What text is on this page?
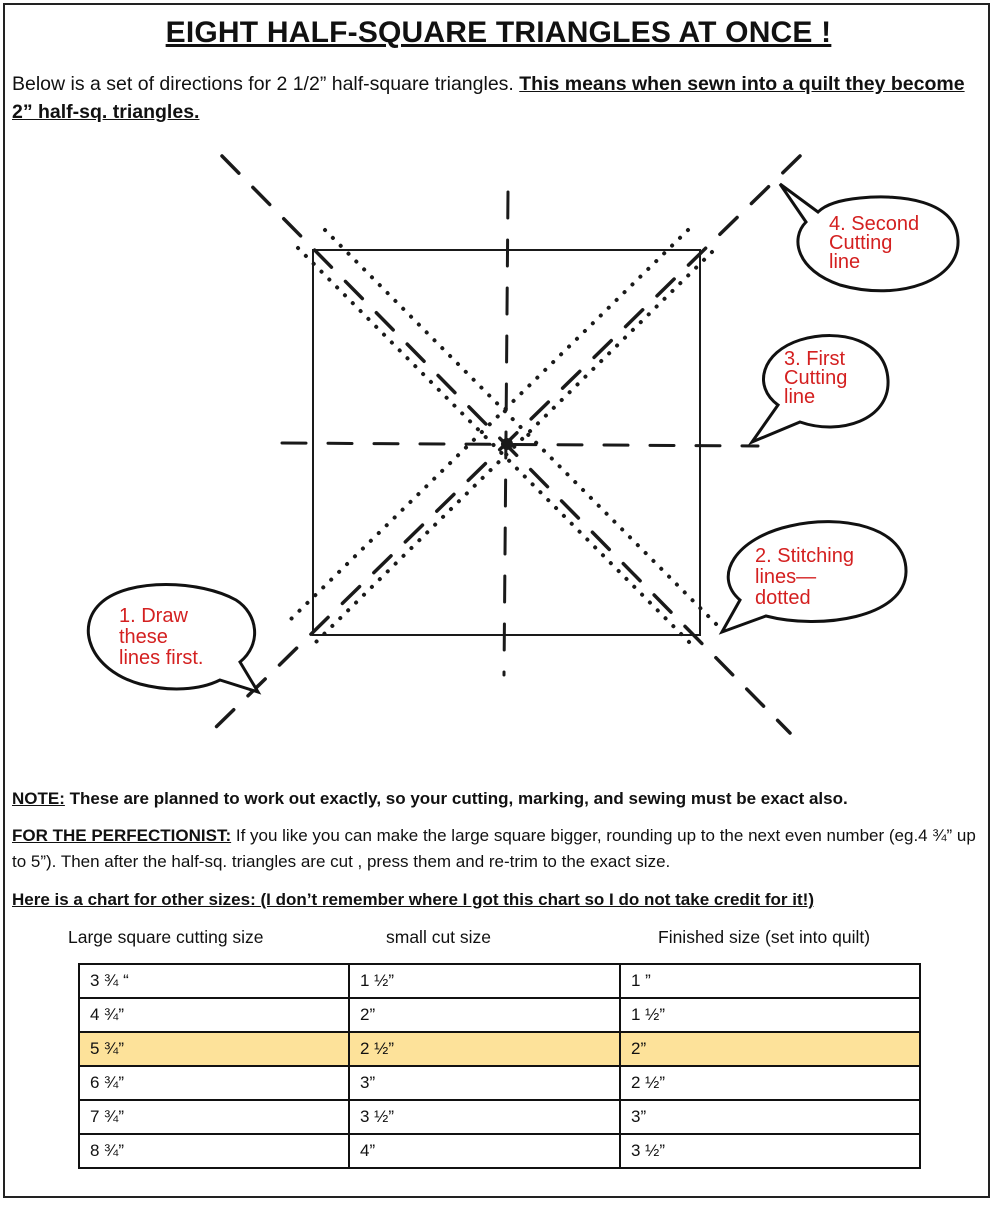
EIGHT HALF-SQUARE TRIANGLES AT ONCE !
Below is a set of directions for 2 1/2” half-square triangles. This means when sewn into a quilt they become 2” half-sq. triangles.
4. Second
Cutting
line
3. First
Cutting
line
2. Stitching
lines—
dotted
1. Draw
these
lines first.
NOTE: These are planned to work out exactly, so your cutting, marking, and sewing must be exact also.
FOR THE PERFECTIONIST: If you like you can make the large square bigger, rounding up to the next even number (eg.4 ¾” up to 5”). Then after the half-sq. triangles are cut , press them and re-trim to the exact size.
Here is a chart for other sizes: (I don’t remember where I got this chart so I do not take credit for it!)
Large square cutting size	small cut size	Finished size (set into quilt)
3 ¾ “	1 ½”	1 ”
4 ¾”	2”	1 ½”
5 ¾”	2 ½”	2”
6 ¾”	3”	2 ½”
7 ¾”	3 ½”	3”
8 ¾”	4”	3 ½”
